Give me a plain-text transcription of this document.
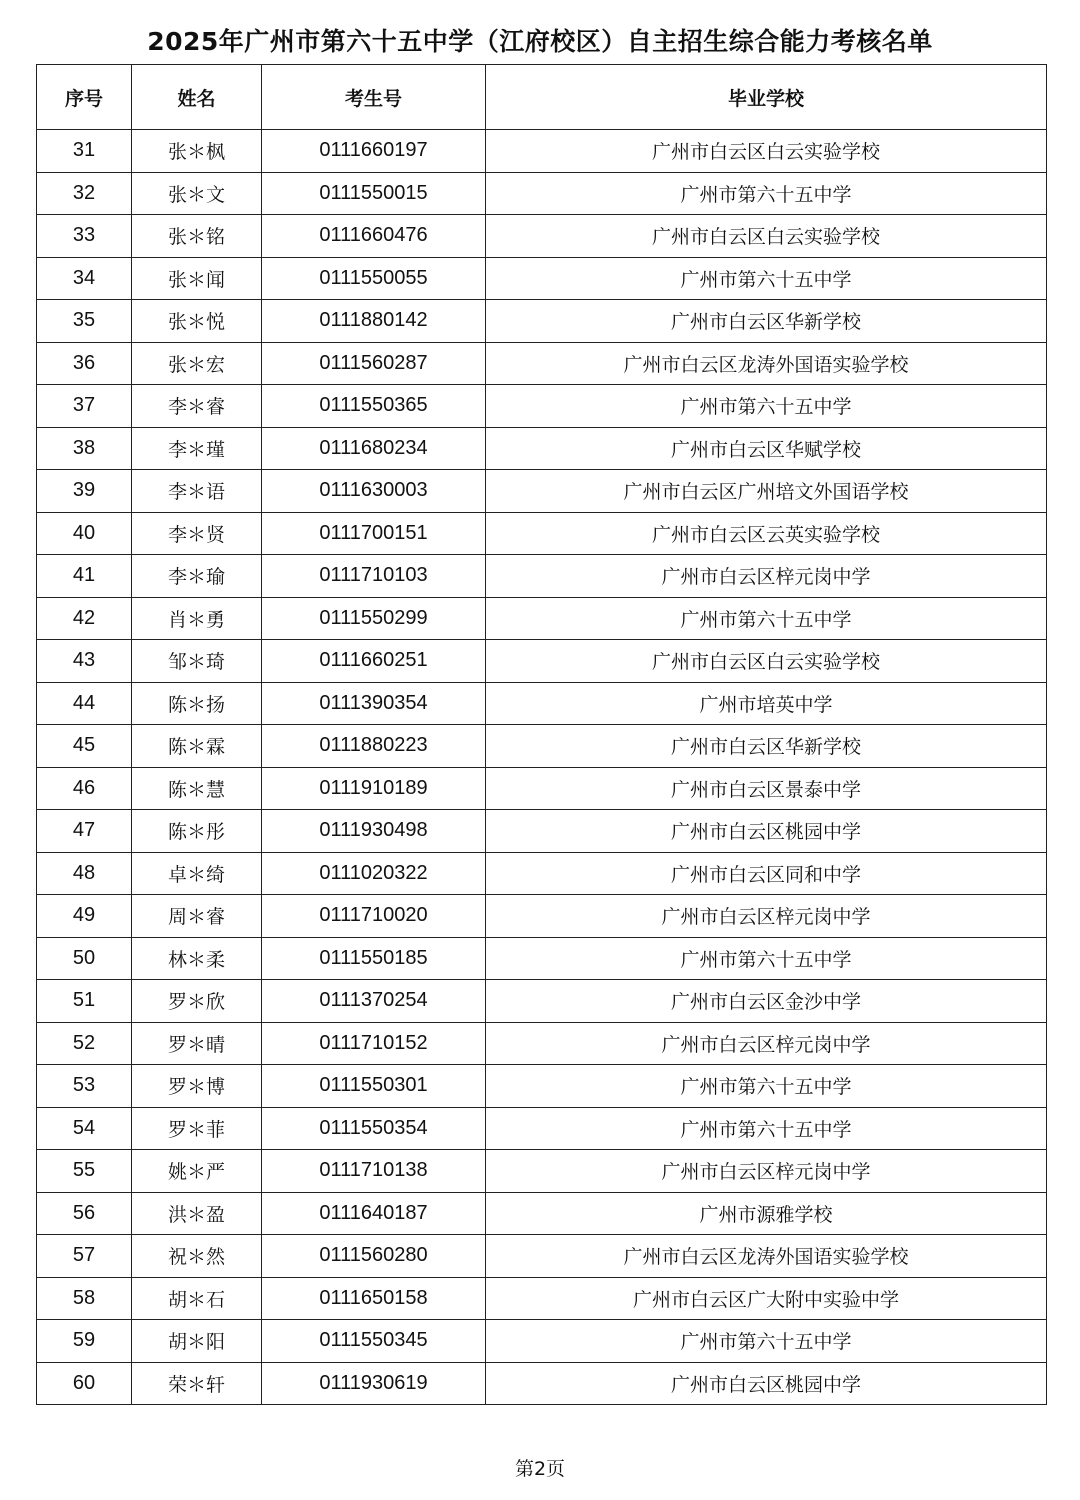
2025年广州市第六十五中学（江府校区）自主招生综合能力考核名单
序号	姓名	考生号	毕业学校
31	张＊枫	0111660197	广州市白云区白云实验学校
32	张＊文	0111550015	广州市第六十五中学
33	张＊铭	0111660476	广州市白云区白云实验学校
34	张＊闻	0111550055	广州市第六十五中学
35	张＊悦	0111880142	广州市白云区华新学校
36	张＊宏	0111560287	广州市白云区龙涛外国语实验学校
37	李＊睿	0111550365	广州市第六十五中学
38	李＊瑾	0111680234	广州市白云区华赋学校
39	李＊语	0111630003	广州市白云区广州培文外国语学校
40	李＊贤	0111700151	广州市白云区云英实验学校
41	李＊瑜	0111710103	广州市白云区梓元岗中学
42	肖＊勇	0111550299	广州市第六十五中学
43	邹＊琦	0111660251	广州市白云区白云实验学校
44	陈＊扬	0111390354	广州市培英中学
45	陈＊霖	0111880223	广州市白云区华新学校
46	陈＊慧	0111910189	广州市白云区景泰中学
47	陈＊彤	0111930498	广州市白云区桃园中学
48	卓＊绮	0111020322	广州市白云区同和中学
49	周＊睿	0111710020	广州市白云区梓元岗中学
50	林＊柔	0111550185	广州市第六十五中学
51	罗＊欣	0111370254	广州市白云区金沙中学
52	罗＊晴	0111710152	广州市白云区梓元岗中学
53	罗＊博	0111550301	广州市第六十五中学
54	罗＊菲	0111550354	广州市第六十五中学
55	姚＊严	0111710138	广州市白云区梓元岗中学
56	洪＊盈	0111640187	广州市源雅学校
57	祝＊然	0111560280	广州市白云区龙涛外国语实验学校
58	胡＊石	0111650158	广州市白云区广大附中实验中学
59	胡＊阳	0111550345	广州市第六十五中学
60	荣＊轩	0111930619	广州市白云区桃园中学
第2页
